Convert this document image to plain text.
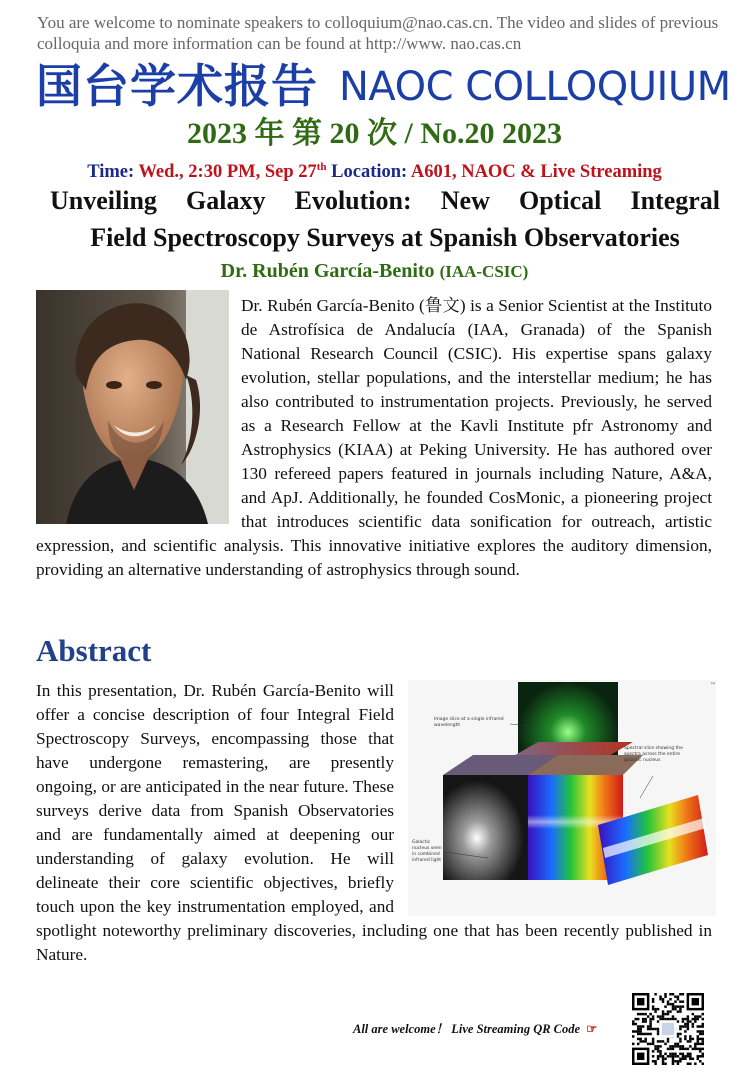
You are welcome to nominate speakers to colloquium@nao.cas.cn. The video and slides of previous colloquia and more information can be found at http://www. nao.cas.cn
国台学术报告 NAOC COLLOQUIUM
2023 年 第 20 次 / No.20 2023
Time: Wed., 2:30 PM, Sep 27th Location: A601, NAOC & Live Streaming
Unveiling Galaxy Evolution: New Optical Integral
Field Spectroscopy Surveys at Spanish Observatories
Dr. Rubén García-Benito (IAA-CSIC)
Dr. Rubén García-Benito (鲁文) is a Senior Scientist at the Instituto de Astrofísica de Andalucía (IAA, Granada) of the Spanish National Research Council (CSIC). His expertise spans galaxy evolution, stellar populations, and the interstellar medium; he has also contributed to instrumentation projects. Previously, he served as a Research Fellow at the Kavli Institute pfr Astronomy and Astrophysics (KIAA) at Peking University. He has authored over 130 refereed papers featured in journals including Nature, A&A, and ApJ. Additionally, he founded CosMonic, a pioneering project that introduces scientific data sonification for outreach, artistic expression, and scientific analysis. This innovative initiative explores the auditory dimension, providing an alternative understanding of astrophysics through sound.
Abstract
In this presentation, Dr. Rubén García-Benito will offer a concise description of four Integral Field Spectroscopy Surveys, encompassing those that have undergone remastering, are presently ongoing, or are anticipated in the near future. These surveys derive data from Spanish Observatories and are fundamentally aimed at deepening our understanding of galaxy evolution. He will delineate their core scientific objectives, briefly touch upon the key instrumentation employed, and spotlight noteworthy preliminary discoveries, including one that has been recently published in Nature.
™
Image slice at a single infrared wavelength
Spectral slice showing the spectra across the entire galactic nucleus
Galactic nucleus seen in combined infrared light
All are welcome！ Live Streaming QR Code ☞
